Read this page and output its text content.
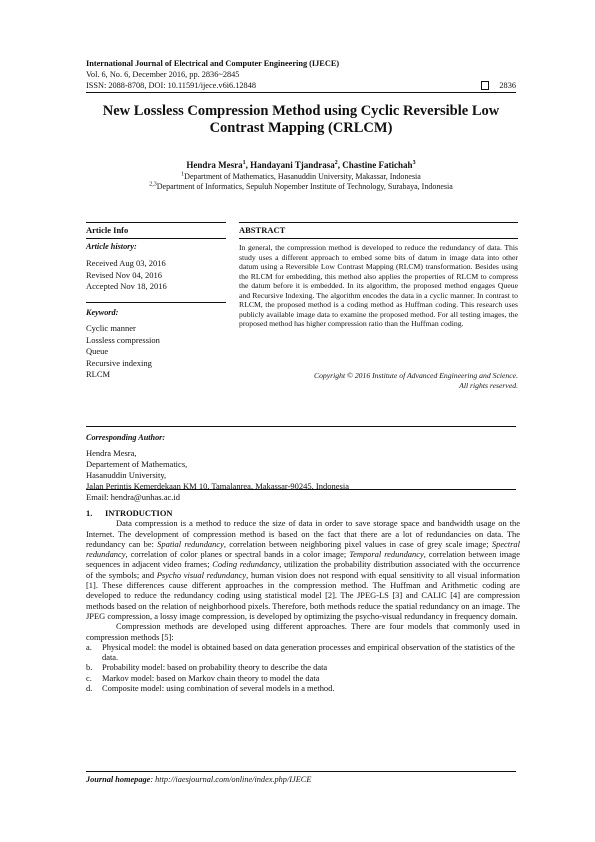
International Journal of Electrical and Computer Engineering (IJECE)
Vol. 6, No. 6, December 2016, pp. 2836~2845
ISSN: 2088-8708, DOI: 10.11591/ijece.v6i6.12848	2836
New Lossless Compression Method using Cyclic Reversible Low Contrast Mapping (CRLCM)
Hendra Mesra$^1$, Handayani Tjandrasa$^2$, Chastine Fatichah$^3$
$^1$Department of Mathematics, Hasanuddin University, Makassar, Indonesia
$^{2,3}$Department of Informatics, Sepuluh Nopember Institute of Technology, Surabaya, Indonesia
Article Info	ABSTRACT
Article history:
Received Aug 03, 2016
Revised Nov 04, 2016
Accepted Nov 18, 2016
Keyword:
Cyclic manner
Lossless compression
Queue
Recursive indexing
RLCM
In general, the compression method is developed to reduce the redundancy of data. This study uses a different approach to embed some bits of datum in image data into other datum using a Reversible Low Contrast Mapping (RLCM) transformation. Besides using the RLCM for embedding, this method also applies the properties of RLCM to compress the datum before it is embedded. In its algorithm, the proposed method engages Queue and Recursive Indexing. The algorithm encodes the data in a cyclic manner. In contrast to RLCM, the proposed method is a coding method as Huffman coding. This research uses publicly available image data to examine the proposed method. For all testing images, the proposed method has higher compression ratio than the Huffman coding.
Copyright © 2016 Institute of Advanced Engineering and Science.
All rights reserved.
Corresponding Author:
Hendra Mesra,
Departement of Mathematics,
Hasanuddin University,
Jalan Perintis Kemerdekaan KM 10, Tamalanrea, Makassar-90245, Indonesia
Email: hendra@unhas.ac.id
1.      INTRODUCTION

Data compression is a method to reduce the size of data in order to save storage space and bandwidth usage on the Internet. The development of compression method is based on the fact that there are a lot of redundancies on data. The redundancy can be: Spatial redundancy, correlation between neighboring pixel values in case of grey scale image; Spectral redundancy, correlation of color planes or spectral bands in a color image; Temporal redundancy, correlation between image sequences in adjacent video frames; Coding redundancy, utilization the probability distribution associated with the occurrence of the symbols; and Psycho visual redundancy, human vision does not respond with equal sensitivity to all visual information [1]. These differences cause different approaches in the compression method. The Huffman and Arithmetic coding are developed to reduce the redundancy coding using statistical model [2]. The JPEG-LS [3] and CALIC [4] are compression methods based on the relation of neighborhood pixels. Therefore, both methods reduce the spatial redundancy on an image. The JPEG compression, a lossy image compression, is developed by optimizing the psycho-visual redundancy in frequency domain.

Compression methods are developed using different approaches. There are four models that commonly used in compression methods [5]:

a.	Physical model: the model is obtained based on data generation processes and empirical observation of the statistics of the data.
b.	Probability model: based on probability theory to describe the data
c.	Markov model: based on Markov chain theory to model the data
d.	Composite model: using combination of several models in a method.
Journal homepage: http://iaesjournal.com/online/index.php/IJECE
